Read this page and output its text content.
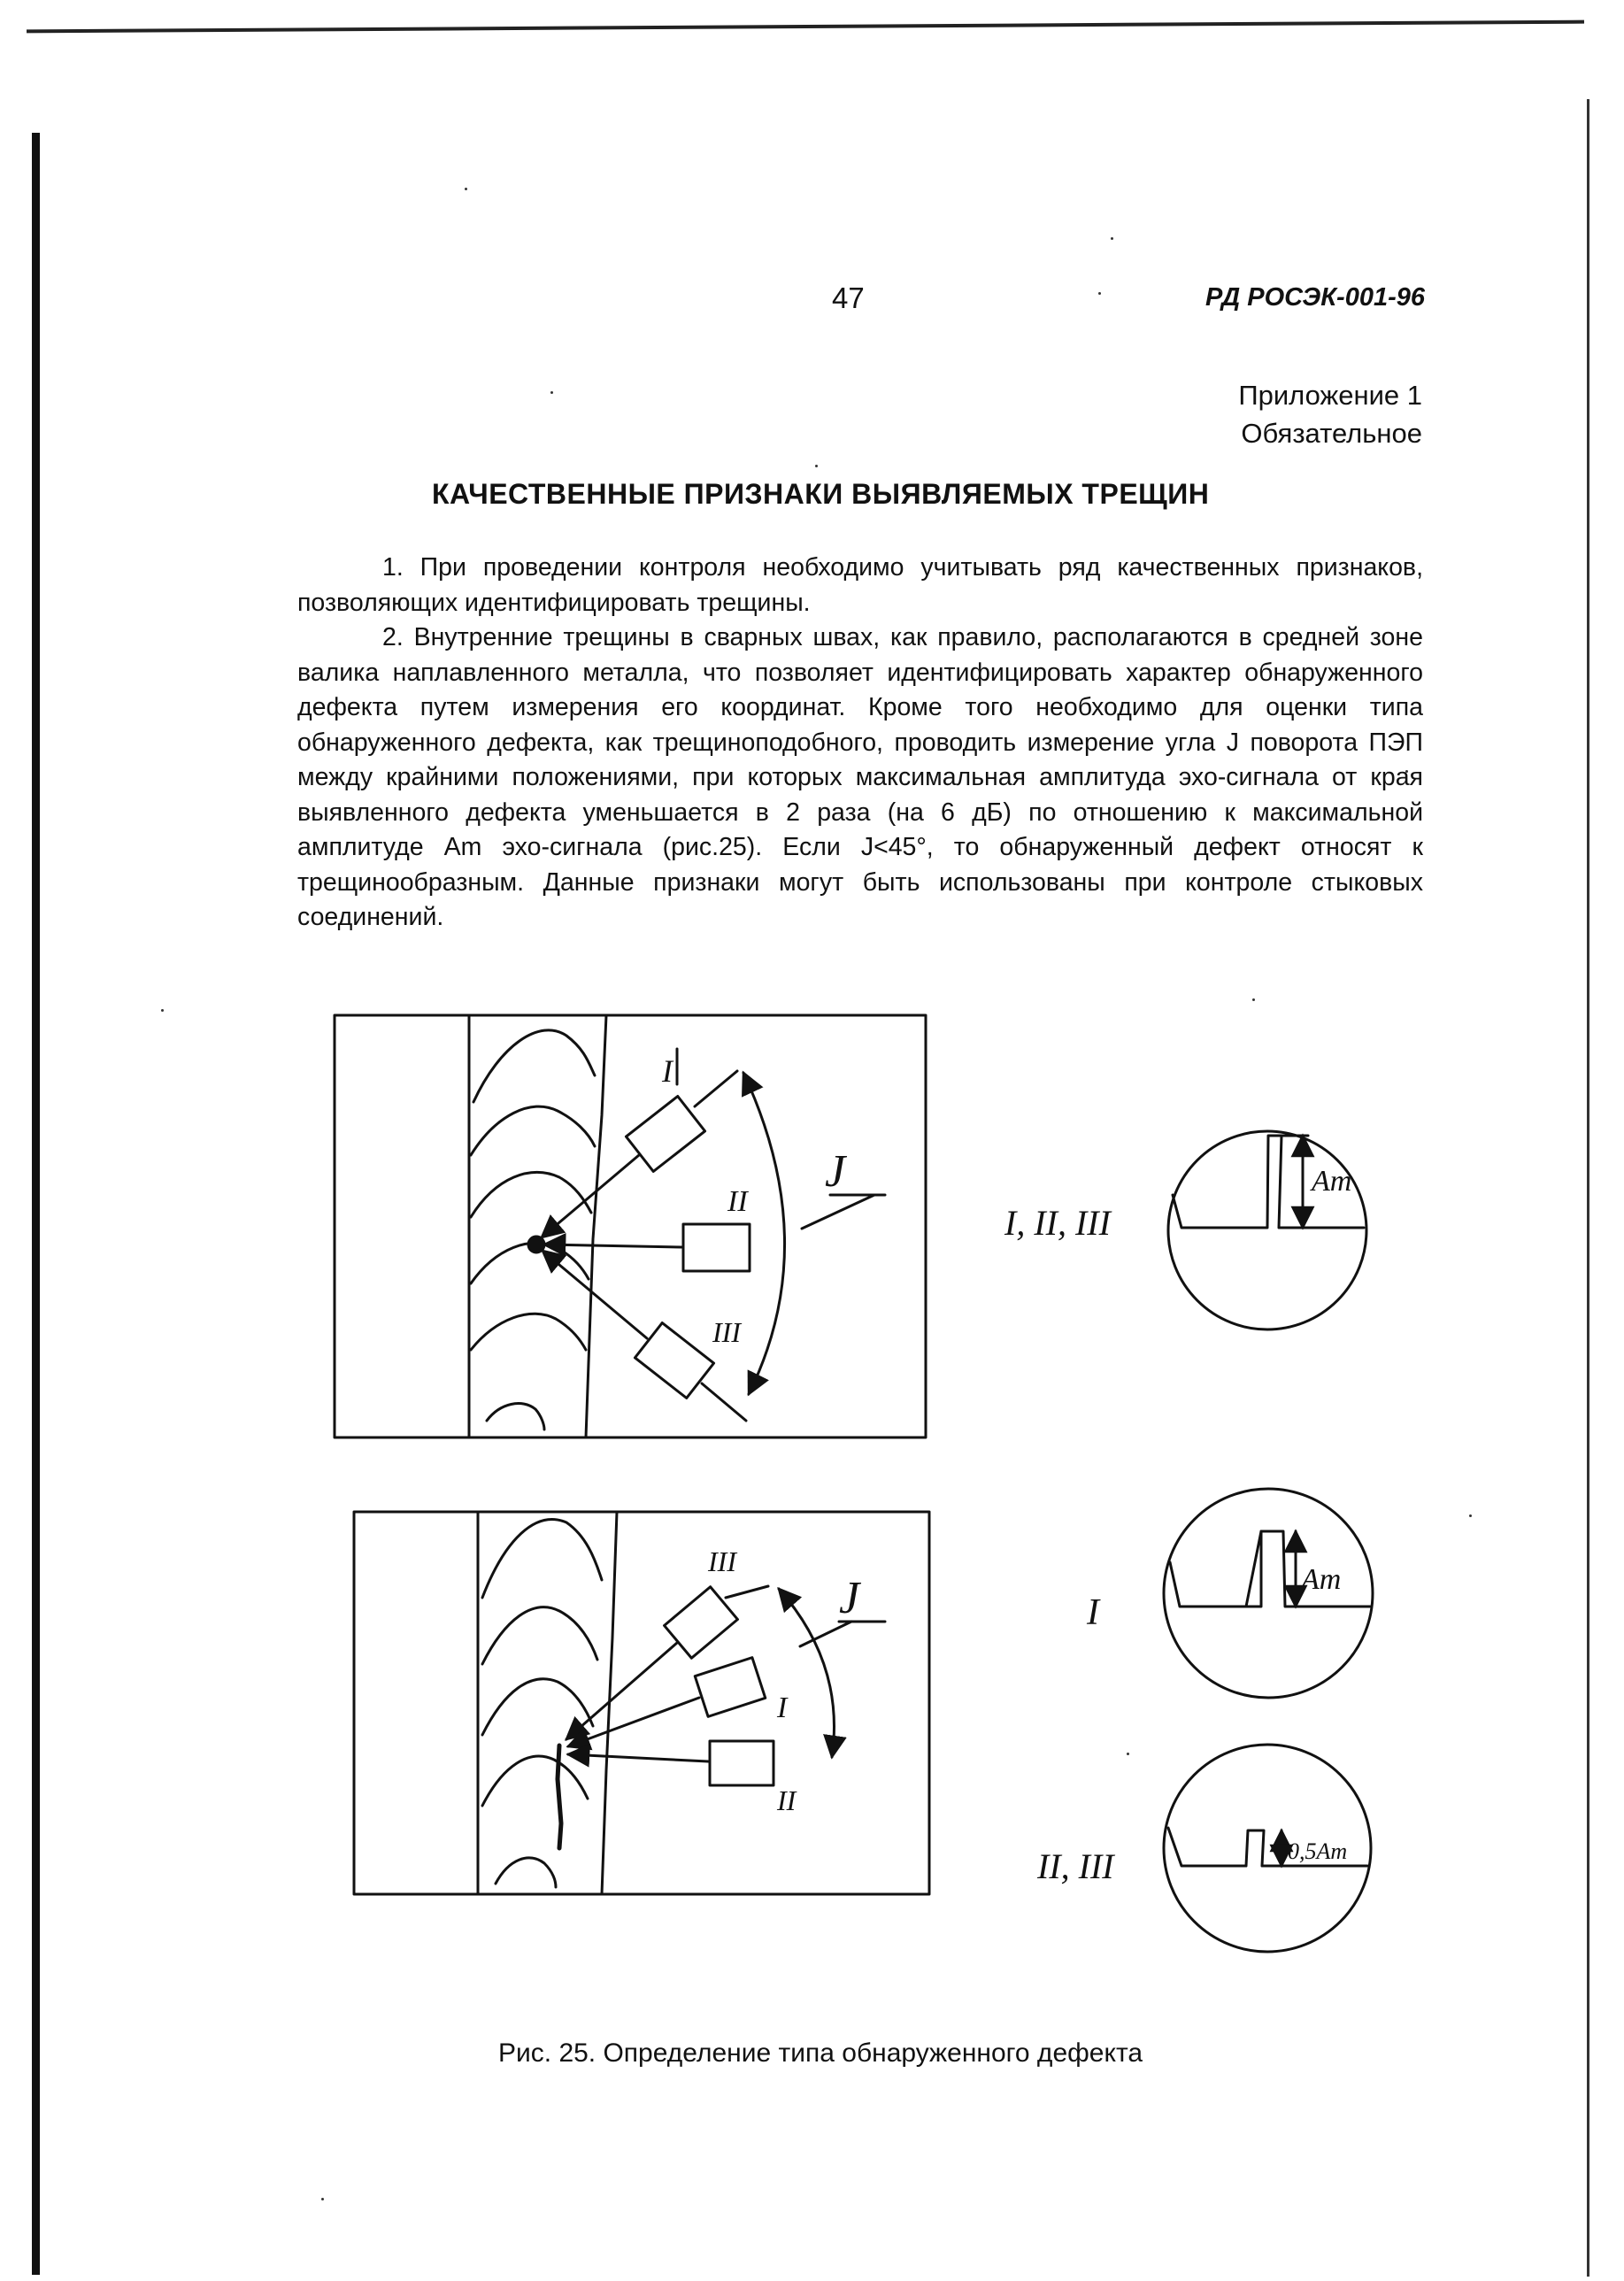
47	РД РОСЭК-001-96
Приложение 1
Обязательное
КАЧЕСТВЕННЫЕ ПРИЗНАКИ ВЫЯВЛЯЕМЫХ ТРЕЩИН

1. При проведении контроля необходимо учитывать ряд качественных признаков, позволяющих идентифицировать трещины.

2. Внутренние трещины в сварных швах, как правило, располагаются в средней зоне валика наплавленного металла, что позволяет идентифицировать характер обнаруженного дефекта путем измерения его координат. Кроме того необходимо для оценки типа обнаруженного дефекта, как трещиноподобного, проводить измерение угла J поворота ПЭП между крайними положениями, при которых максимальная амплитуда эхо-сигнала от края выявленного дефекта уменьшается в 2 раза (на 6 дБ) по отношению к максимальной амплитуде Am эхо-сигнала (рис.25). Если J<45°, то обнаруженный дефект относят к трещинообразным. Данные признаки могут быть использованы при контроле стыковых соединений.

I
II
III
J
I, II, III
Am
III
I
II
J	I
Am
II, III	0,5Am
Рис. 25. Определение типа обнаруженного дефекта
